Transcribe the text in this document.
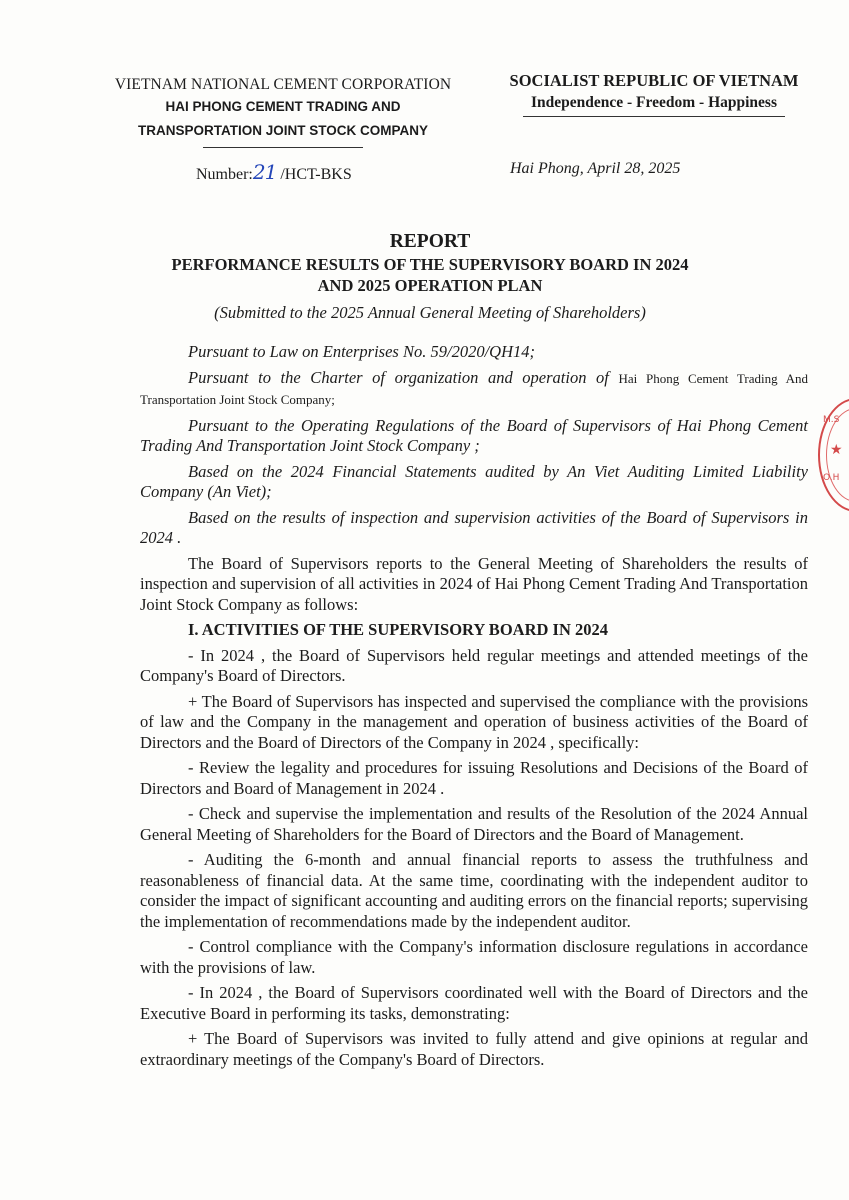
VIETNAM NATIONAL CEMENT CORPORATION
HAI PHONG CEMENT TRADING AND
TRANSPORTATION JOINT STOCK COMPANY
SOCIALIST REPUBLIC OF VIETNAM
Independence - Freedom - Happiness
Number:21 /HCT-BKS	Hai Phong, April 28, 2025
REPORT
PERFORMANCE RESULTS OF THE SUPERVISORY BOARD IN 2024
AND 2025 OPERATION PLAN
(Submitted to the 2025 Annual General Meeting of Shareholders)

Pursuant to Law on Enterprises No. 59/2020/QH14;

Pursuant to the Charter of organization and operation of Hai Phong Cement Trading And Transportation Joint Stock Company;

Pursuant to the Operating Regulations of the Board of Supervisors of Hai Phong Cement Trading And Transportation Joint Stock Company ;

Based on the 2024 Financial Statements audited by An Viet Auditing Limited Liability Company (An Viet);

Based on the results of inspection and supervision activities of the Board of Supervisors in 2024 .

The Board of Supervisors reports to the General Meeting of Shareholders the results of inspection and supervision of all activities in 2024 of Hai Phong Cement Trading And Transportation Joint Stock Company as follows:

I. ACTIVITIES OF THE SUPERVISORY BOARD IN 2024

- In 2024 , the Board of Supervisors held regular meetings and attended meetings of the Company's Board of Directors.

+ The Board of Supervisors has inspected and supervised the compliance with the provisions of law and the Company in the management and operation of business activities of the Board of Directors and the Board of Directors of the Company in 2024 , specifically:

- Review the legality and procedures for issuing Resolutions and Decisions of the Board of Directors and Board of Management in 2024 .

- Check and supervise the implementation and results of the Resolution of the 2024 Annual General Meeting of Shareholders for the Board of Directors and the Board of Management.

- Auditing the 6-month and annual financial reports to assess the truthfulness and reasonableness of financial data. At the same time, coordinating with the independent auditor to consider the impact of significant accounting and auditing errors on the financial reports; supervising the implementation of recommendations made by the independent auditor.

- Control compliance with the Company's information disclosure regulations in accordance with the provisions of law.

- In 2024 , the Board of Supervisors coordinated well with the Board of Directors and the Executive Board in performing its tasks, demonstrating:

+ The Board of Supervisors was invited to fully attend and give opinions at regular and extraordinary meetings of the Company's Board of Directors.

M.S
★
O.H
